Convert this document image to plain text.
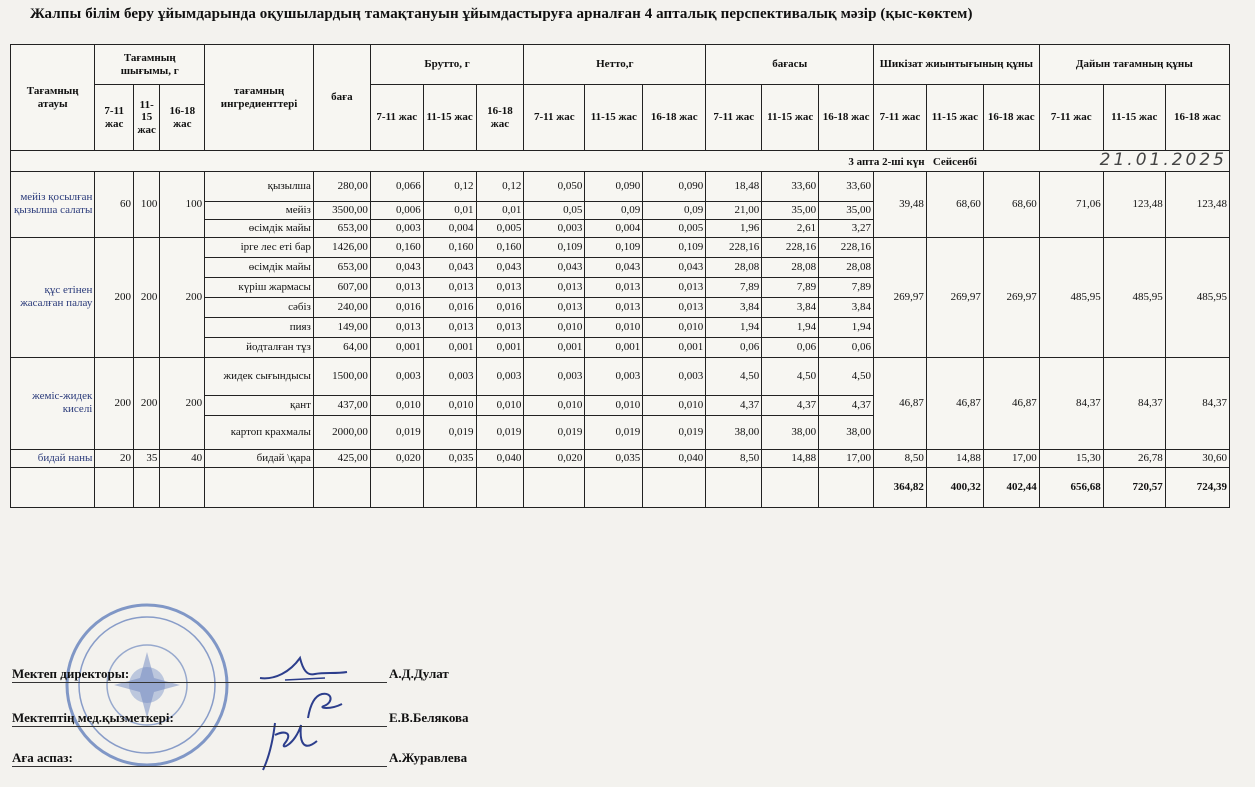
Жалпы білім беру ұйымдарында оқушылардың тамақтануын ұйымдастыруға арналған 4 апталық перспективалық мәзір (қыс-көктем)
Тағамның атауы	Тағамның шығымы, г			тағамның ингредиенттері	баға	Брутто, г			Нетто,г			бағасы			Шикізат жиынтығының құны			Дайын тағамның құны		
	7-11 жас	11-15 жас	16-18 жас			7-11 жас	11-15 жас	16-18 жас	7-11 жас	11-15 жас	16-18 жас	7-11 жас	11-15 жас	16-18 жас	7-11 жас	11-15 жас	16-18 жас	7-11 жас	11-15 жас	16-18 жас
3 апта 2-ші күн Сейсенбі 21.01.2025																				
мейіз қосылған қызылша салаты	60	100	100	қызылша	280,00	0,066	0,12	0,12	0,050	0,090	0,090	18,48	33,60	33,60	39,48	68,60	68,60	71,06	123,48	123,48
				мейіз	3500,00	0,006	0,01	0,01	0,05	0,09	0,09	21,00	35,00	35,00						
				өсімдік майы	653,00	0,003	0,004	0,005	0,003	0,004	0,005	1,96	2,61	3,27						
құс етінен жасалған палау	200	200	200	ірге лес еті бар	1426,00	0,160	0,160	0,160	0,109	0,109	0,109	228,16	228,16	228,16	269,97	269,97	269,97	485,95	485,95	485,95
				өсімдік майы	653,00	0,043	0,043	0,043	0,043	0,043	0,043	28,08	28,08	28,08						
				күріш жармасы	607,00	0,013	0,013	0,013	0,013	0,013	0,013	7,89	7,89	7,89						
				сәбіз	240,00	0,016	0,016	0,016	0,013	0,013	0,013	3,84	3,84	3,84						
				пияз	149,00	0,013	0,013	0,013	0,010	0,010	0,010	1,94	1,94	1,94						
				йодталған тұз	64,00	0,001	0,001	0,001	0,001	0,001	0,001	0,06	0,06	0,06						
жеміс-жидек киселі	200	200	200	жидек сығындысы	1500,00	0,003	0,003	0,003	0,003	0,003	0,003	4,50	4,50	4,50	46,87	46,87	46,87	84,37	84,37	84,37
				қант	437,00	0,010	0,010	0,010	0,010	0,010	0,010	4,37	4,37	4,37						
				картоп крахмалы	2000,00	0,019	0,019	0,019	0,019	0,019	0,019	38,00	38,00	38,00						
бидай наны	20	35	40	бидай \қара	425,00	0,020	0,035	0,040	0,020	0,035	0,040	8,50	14,88	17,00	8,50	14,88	17,00	15,30	26,78	30,60
															364,82	400,32	402,44	656,68	720,57	724,39
Мектеп директоры:	А.Д.Дулат
Мектептің мед.қызметкері:	Е.В.Белякова
Аға аспаз:	А.Журавлева
